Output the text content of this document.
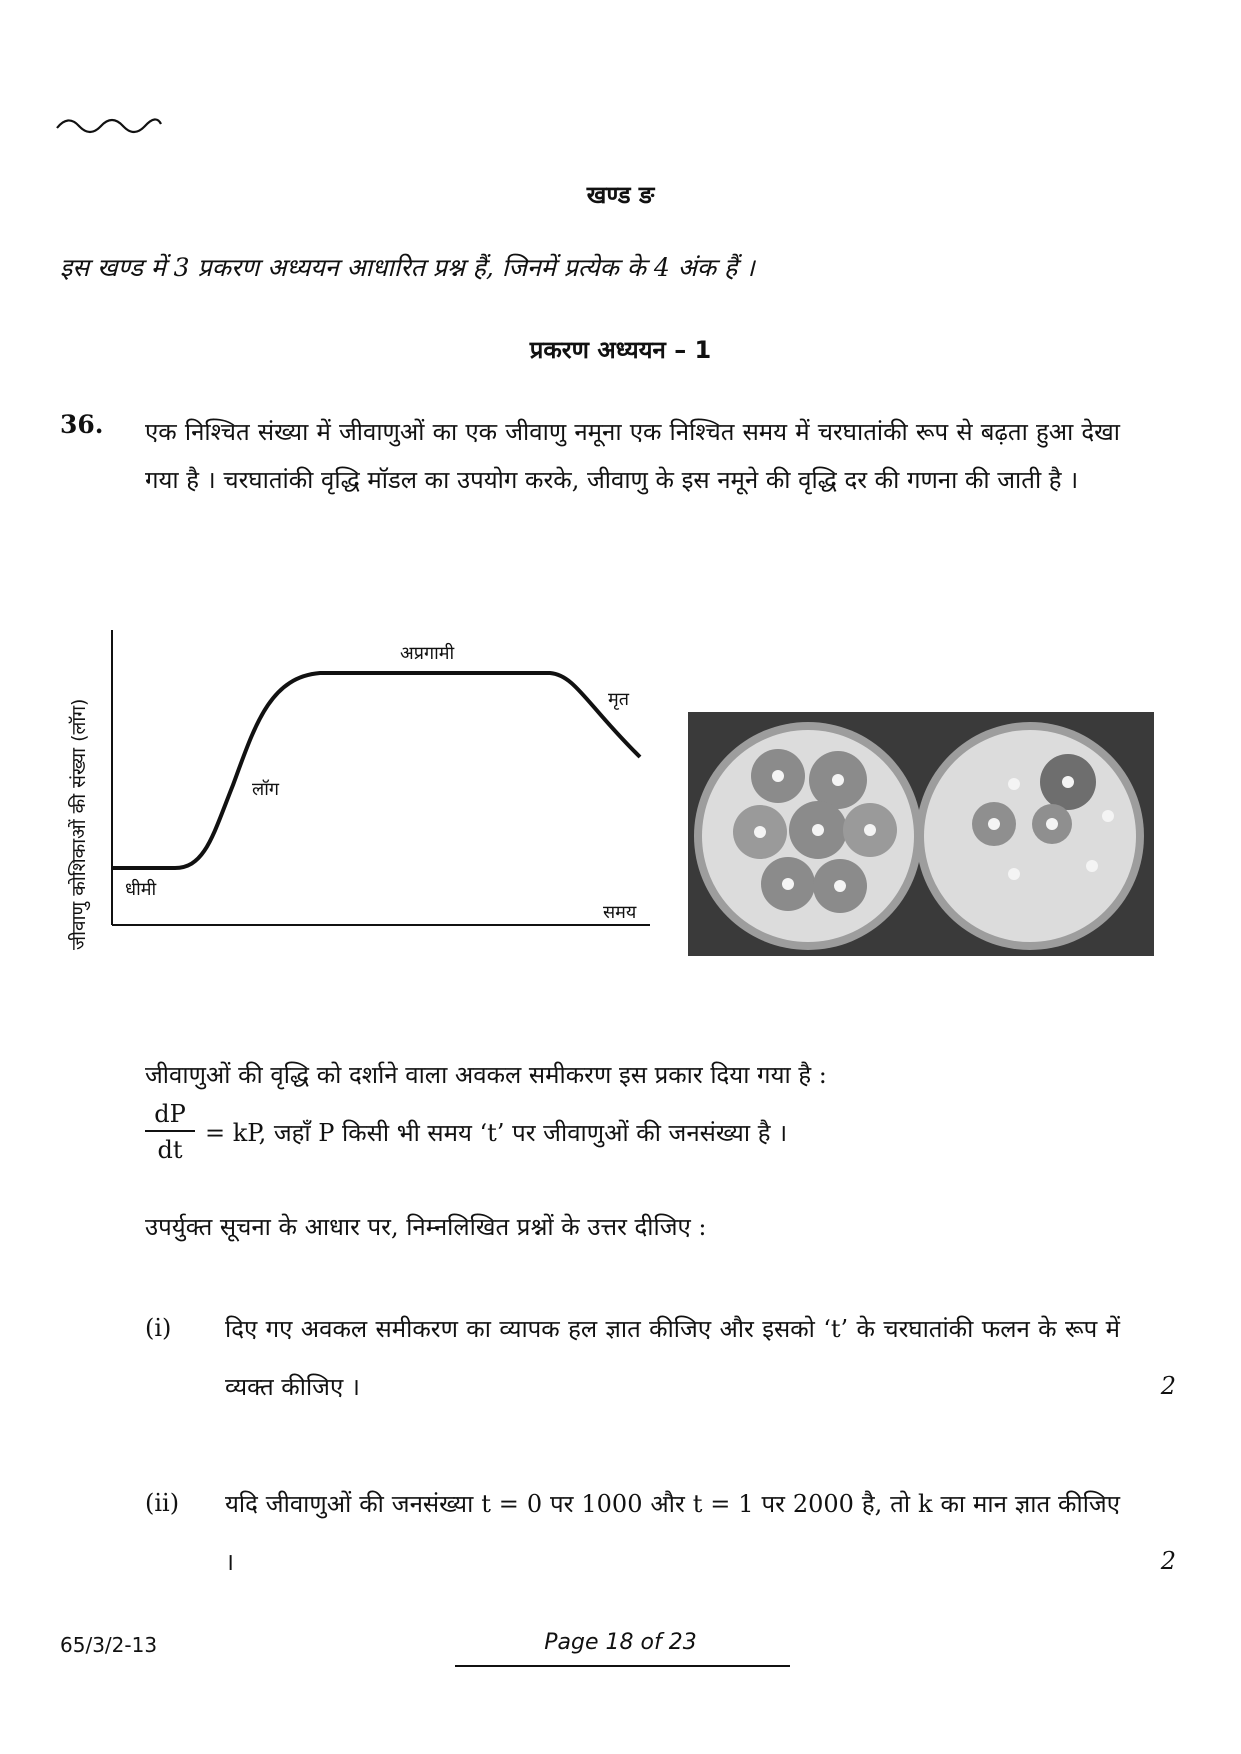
खण्ड ङ
इस खण्ड में 3 प्रकरण अध्ययन आधारित प्रश्न हैं, जिनमें प्रत्येक के 4 अंक हैं ।
प्रकरण अध्ययन – 1
36. एक निश्चित संख्या में जीवाणुओं का एक जीवाणु नमूना एक निश्चित समय में चरघातांकी रूप से बढ़ता हुआ देखा गया है । चरघातांकी वृद्धि मॉडल का उपयोग करके, जीवाणु के इस नमूने की वृद्धि दर की गणना की जाती है ।
जीवाणु कोशिकाओं की संख्या (लॉग)	समय
धीमी
लॉग
अप्रगामी
मृत
जीवाणुओं की वृद्धि को दर्शाने वाला अवकल समीकरण इस प्रकार दिया गया है :
$\frac{dP}{dt}$ = kP, जहाँ P किसी भी समय ‘t’ पर जीवाणुओं की जनसंख्या है ।
उपर्युक्त सूचना के आधार पर, निम्नलिखित प्रश्नों के उत्तर दीजिए :
(i) दिए गए अवकल समीकरण का व्यापक हल ज्ञात कीजिए और इसको ‘t’ के चरघातांकी फलन के रूप में व्यक्त कीजिए ।	2
(ii) यदि जीवाणुओं की जनसंख्या t = 0 पर 1000 और t = 1 पर 2000 है, तो k का मान ज्ञात कीजिए ।	2
65/3/2-13	Page 18 of 23
